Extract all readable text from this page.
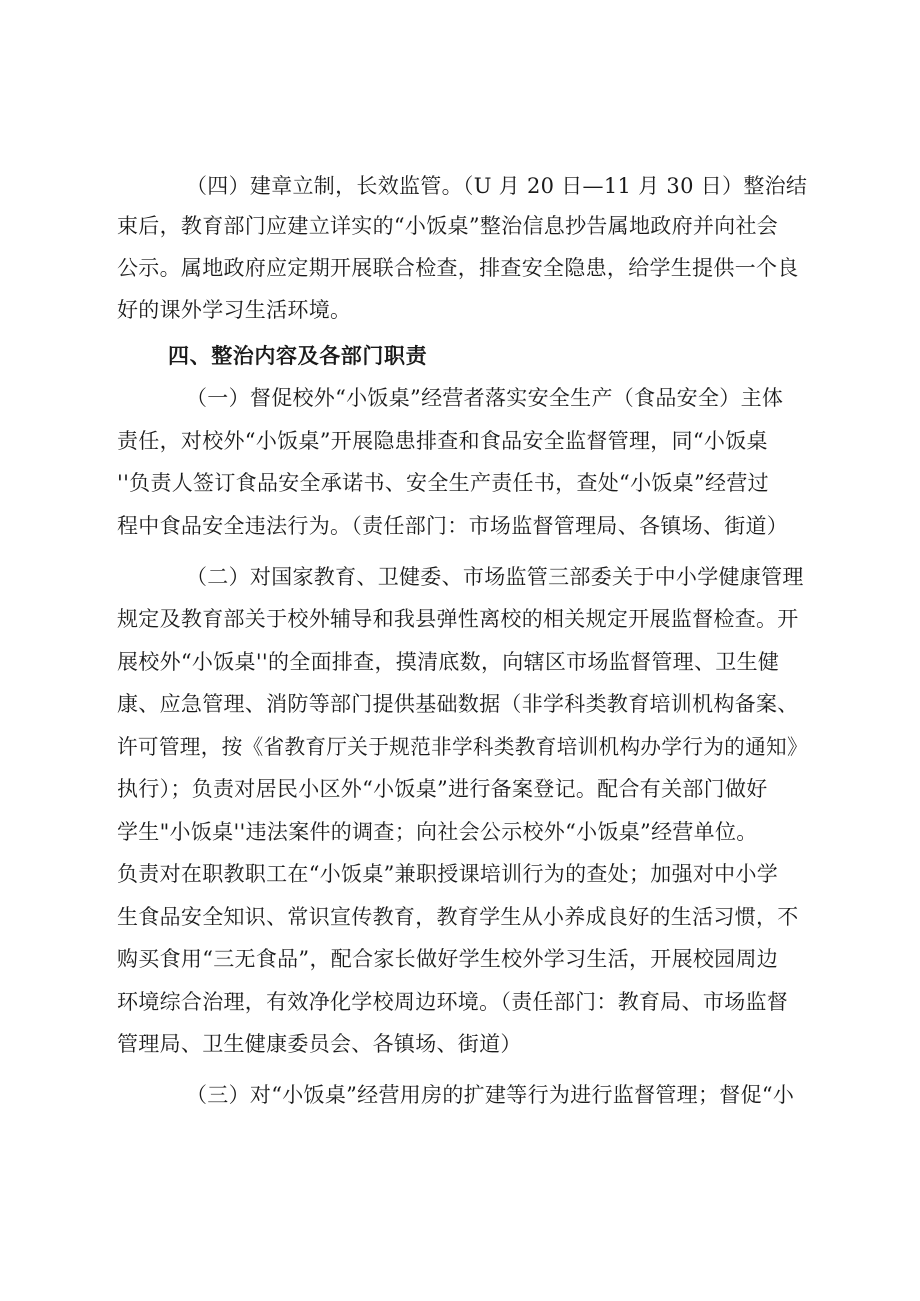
（四）建章立制，长效监管。（U 月 20 日—11 月 30 日）整治结
束后，教育部门应建立详实的“小饭桌”整治信息抄告属地政府并向社会
公示。属地政府应定期开展联合检查，排查安全隐患，给学生提供一个良
好的课外学习生活环境。
四、整治内容及各部门职责
（一）督促校外“小饭桌”经营者落实安全生产（食品安全）主体
责任，对校外“小饭桌”开展隐患排查和食品安全监督管理，同“小饭桌
''负责人签订食品安全承诺书、安全生产责任书，查处“小饭桌”经营过
程中食品安全违法行为。（责任部门：市场监督管理局、各镇场、街道）
（二）对国家教育、卫健委、市场监管三部委关于中小学健康管理
规定及教育部关于校外辅导和我县弹性离校的相关规定开展监督检查。开
展校外“小饭桌''的全面排查，摸清底数，向辖区市场监督管理、卫生健
康、应急管理、消防等部门提供基础数据（非学科类教育培训机构备案、
许可管理，按《省教育厅关于规范非学科类教育培训机构办学行为的通知》
执行）；负责对居民小区外“小饭桌”进行备案登记。配合有关部门做好
学生"小饭桌''违法案件的调查；向社会公示校外“小饭桌”经营单位。
负责对在职教职工在“小饭桌”兼职授课培训行为的查处；加强对中小学
生食品安全知识、常识宣传教育，教育学生从小养成良好的生活习惯，不
购买食用“三无食品”，配合家长做好学生校外学习生活，开展校园周边
环境综合治理，有效净化学校周边环境。（责任部门：教育局、市场监督
管理局、卫生健康委员会、各镇场、街道）
（三）对“小饭桌”经营用房的扩建等行为进行监督管理；督促“小
